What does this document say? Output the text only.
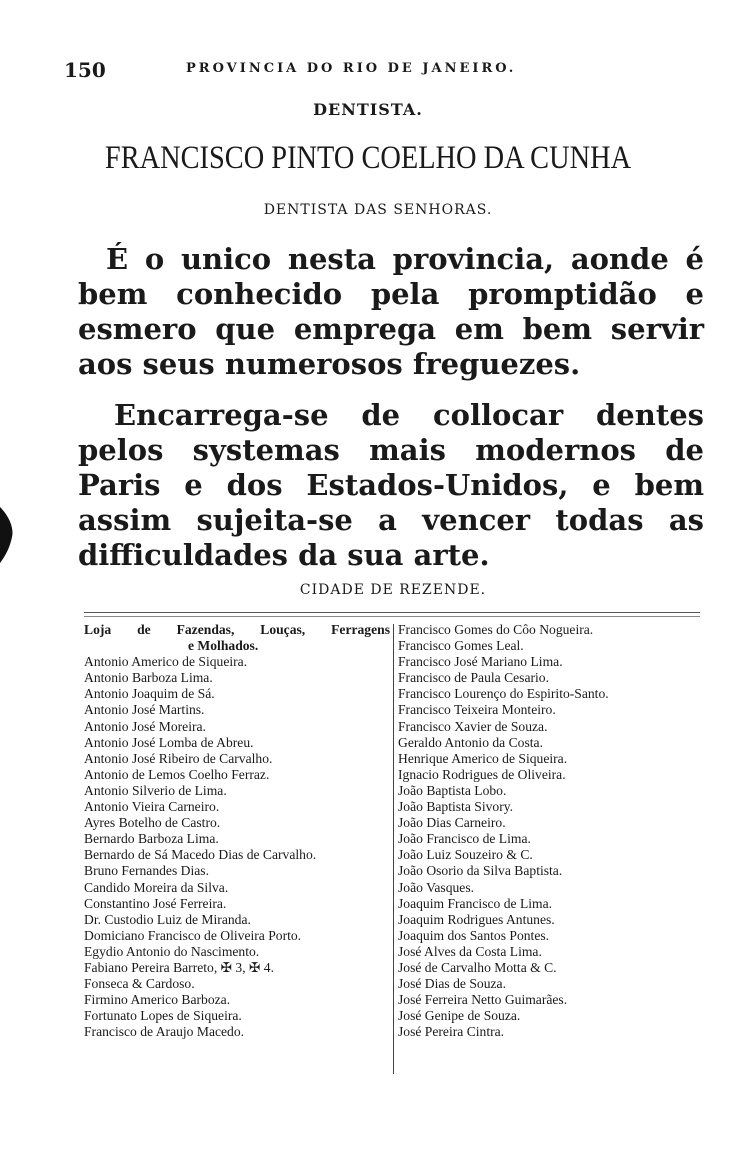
150	PROVINCIA DO RIO DE JANEIRO.
DENTISTA.
FRANCISCO PINTO COELHO DA CUNHA
DENTISTA DAS SENHORAS.

É o unico nesta provincia, aonde é bem conhecido pela promptidão e esmero que emprega em bem servir aos seus numerosos freguezes.

Encarrega-se de collocar dentes pelos systemas mais modernos de Paris e dos Estados-Unidos, e bem assim sujeita-se a vencer todas as difficuldades da sua arte.

CIDADE DE REZENDE.
Loja de Fazendas, Louças, Ferragens
e Molhados.
Antonio Americo de Siqueira.
Antonio Barboza Lima.
Antonio Joaquim de Sá.
Antonio José Martins.
Antonio José Moreira.
Antonio José Lomba de Abreu.
Antonio José Ribeiro de Carvalho.
Antonio de Lemos Coelho Ferraz.
Antonio Silverio de Lima.
Antonio Vieira Carneiro.
Ayres Botelho de Castro.
Bernardo Barboza Lima.
Bernardo de Sá Macedo Dias de Carvalho.
Bruno Fernandes Dias.
Candido Moreira da Silva.
Constantino José Ferreira.
Dr. Custodio Luiz de Miranda.
Domiciano Francisco de Oliveira Porto.
Egydio Antonio do Nascimento.
Fabiano Pereira Barreto, ✠ 3, ✠ 4.
Fonseca & Cardoso.
Firmino Americo Barboza.
Fortunato Lopes de Siqueira.
Francisco de Araujo Macedo.
Francisco Gomes do Côo Nogueira.
Francisco Gomes Leal.
Francisco José Mariano Lima.
Francisco de Paula Cesario.
Francisco Lourenço do Espirito-Santo.
Francisco Teixeira Monteiro.
Francisco Xavier de Souza.
Geraldo Antonio da Costa.
Henrique Americo de Siqueira.
Ignacio Rodrigues de Oliveira.
João Baptista Lobo.
João Baptista Sivory.
João Dias Carneiro.
João Francisco de Lima.
João Luiz Souzeiro & C.
João Osorio da Silva Baptista.
João Vasques.
Joaquim Francisco de Lima.
Joaquim Rodrigues Antunes.
Joaquim dos Santos Pontes.
José Alves da Costa Lima.
José de Carvalho Motta & C.
José Dias de Souza.
José Ferreira Netto Guimarães.
José Genipe de Souza.
José Pereira Cintra.
